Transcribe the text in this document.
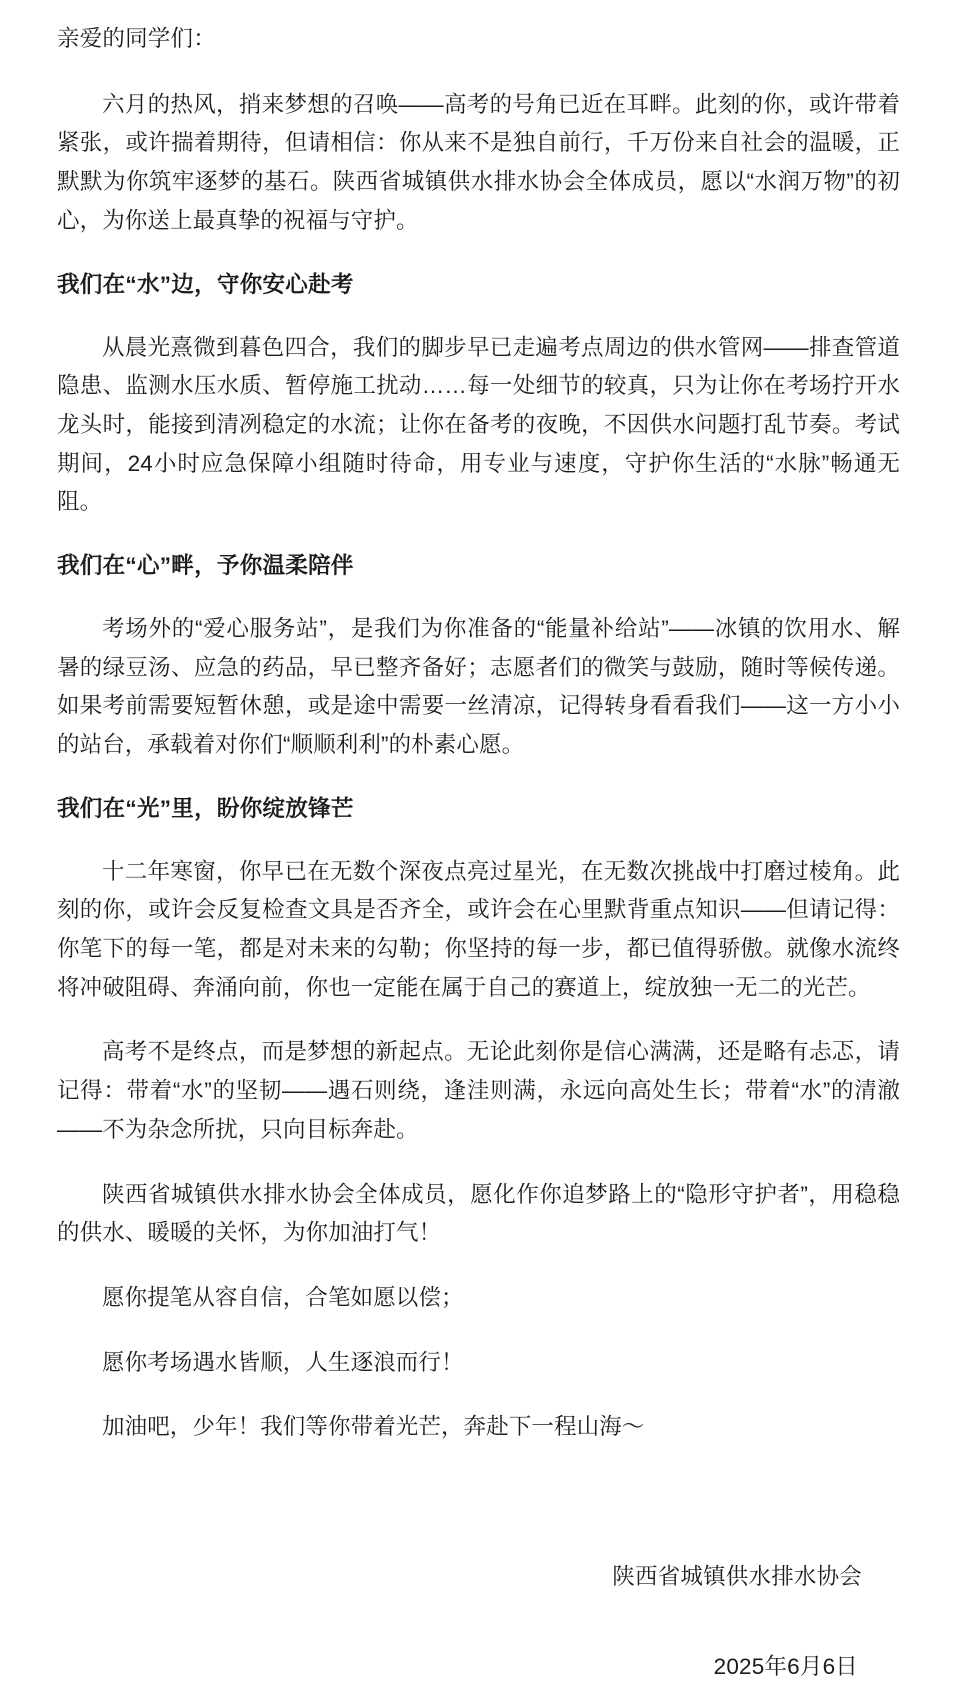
亲爱的同学们：

六月的热风，捎来梦想的召唤——高考的号角已近在耳畔。此刻的你，或许带着紧张，或许揣着期待，但请相信：你从来不是独自前行，千万份来自社会的温暖，正默默为你筑牢逐梦的基石。陕西省城镇供水排水协会全体成员，愿以“水润万物”的初心，为你送上最真挚的祝福与守护。

我们在“水”边，守你安心赴考

从晨光熹微到暮色四合，我们的脚步早已走遍考点周边的供水管网——排查管道隐患、监测水压水质、暂停施工扰动……每一处细节的较真，只为让你在考场拧开水龙头时，能接到清冽稳定的水流；让你在备考的夜晚，不因供水问题打乱节奏。考试期间，24小时应急保障小组随时待命，用专业与速度，守护你生活的“水脉”畅通无阻。

我们在“心”畔，予你温柔陪伴

考场外的“爱心服务站”，是我们为你准备的“能量补给站”——冰镇的饮用水、解暑的绿豆汤、应急的药品，早已整齐备好；志愿者们的微笑与鼓励，随时等候传递。如果考前需要短暂休憩，或是途中需要一丝清凉，记得转身看看我们——这一方小小的站台，承载着对你们“顺顺利利”的朴素心愿。

我们在“光”里，盼你绽放锋芒

十二年寒窗，你早已在无数个深夜点亮过星光，在无数次挑战中打磨过棱角。此刻的你，或许会反复检查文具是否齐全，或许会在心里默背重点知识——但请记得：你笔下的每一笔，都是对未来的勾勒；你坚持的每一步，都已值得骄傲。就像水流终将冲破阻碍、奔涌向前，你也一定能在属于自己的赛道上，绽放独一无二的光芒。

高考不是终点，而是梦想的新起点。无论此刻你是信心满满，还是略有忐忑，请记得：带着“水”的坚韧——遇石则绕，逢洼则满，永远向高处生长；带着“水”的清澈——不为杂念所扰，只向目标奔赴。

陕西省城镇供水排水协会全体成员，愿化作你追梦路上的“隐形守护者”，用稳稳的供水、暖暖的关怀，为你加油打气！

愿你提笔从容自信，合笔如愿以偿；

愿你考场遇水皆顺，人生逐浪而行！

加油吧，少年！我们等你带着光芒，奔赴下一程山海～

陕西省城镇供水排水协会

2025年6月6日
